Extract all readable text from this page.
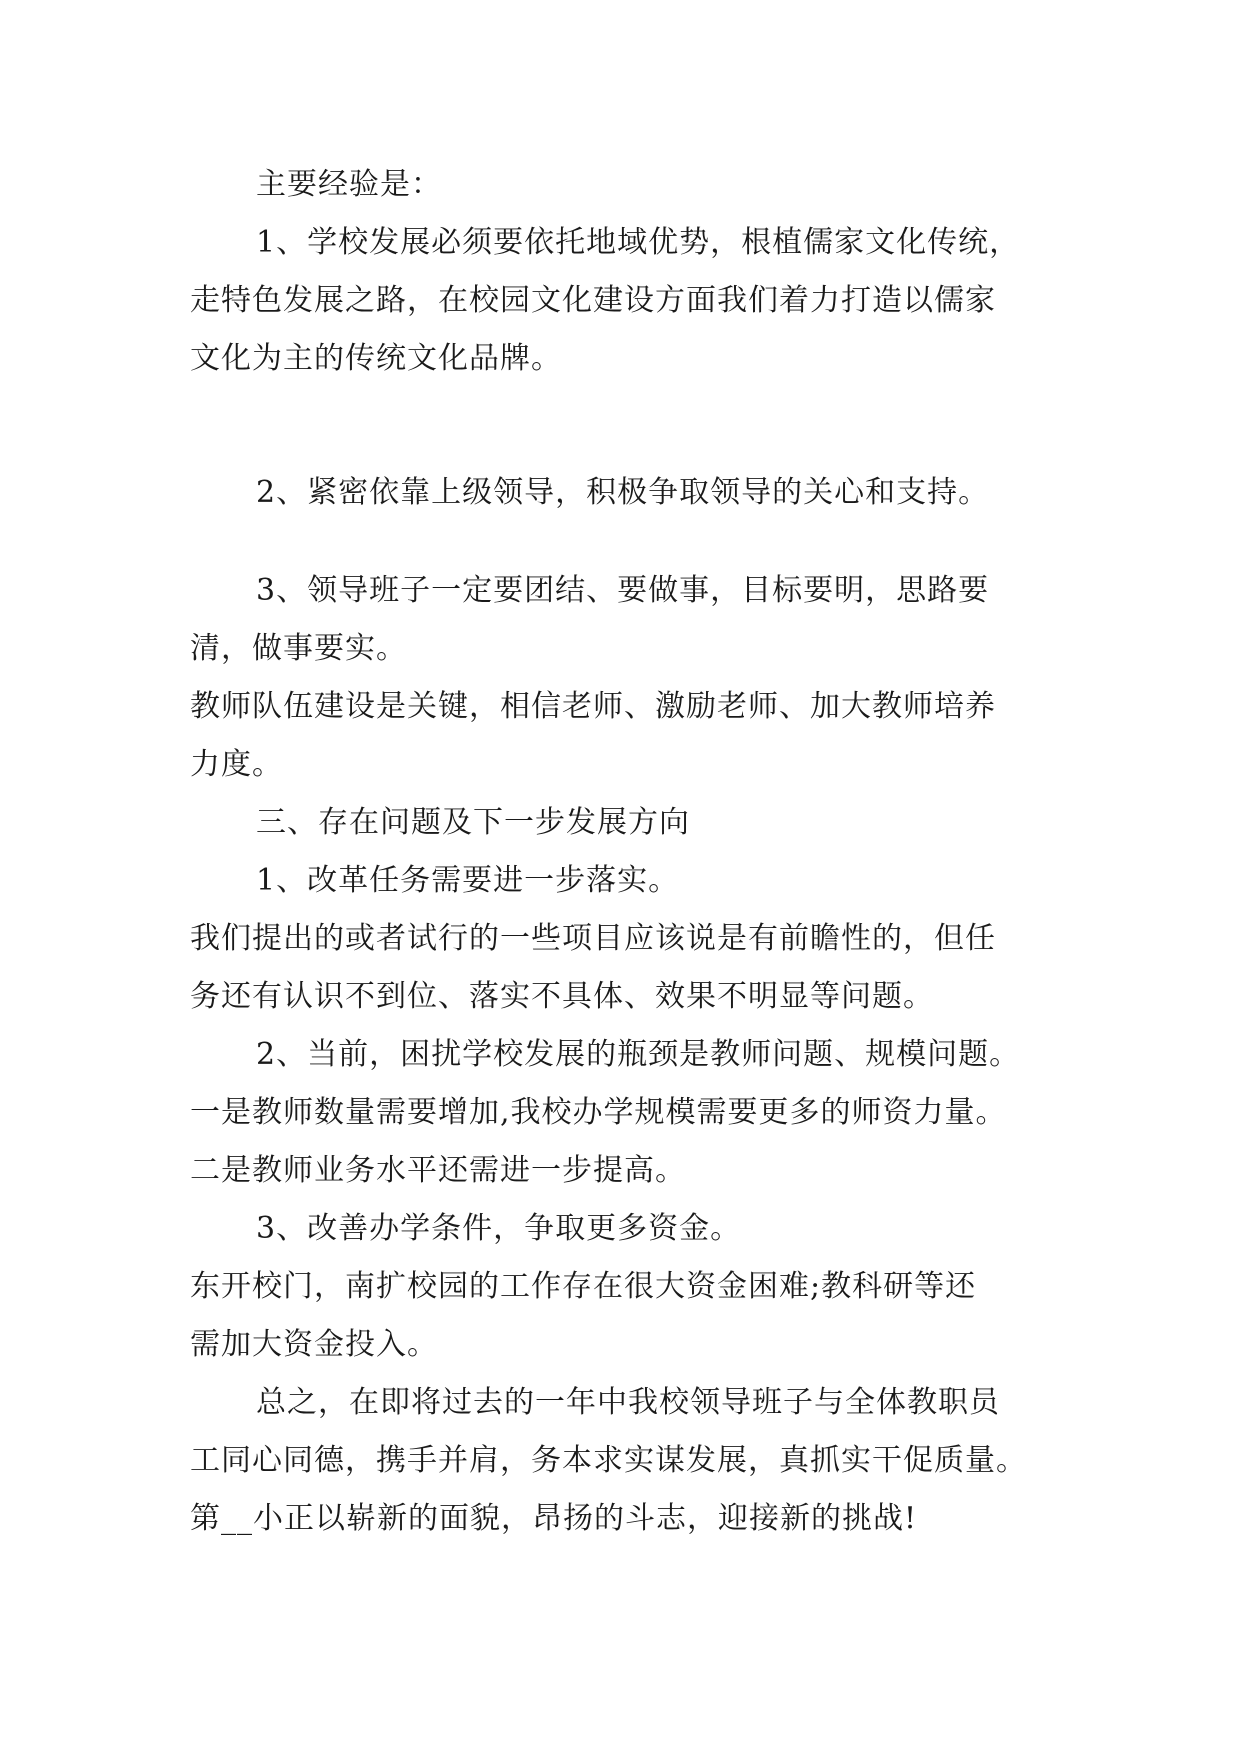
主要经验是：
1、学校发展必须要依托地域优势，根植儒家文化传统，
走特色发展之路，在校园文化建设方面我们着力打造以儒家
文化为主的传统文化品牌。
2、紧密依靠上级领导，积极争取领导的关心和支持。
3、领导班子一定要团结、要做事，目标要明，思路要
清，做事要实。
教师队伍建设是关键，相信老师、激励老师、加大教师培养
力度。
三、存在问题及下一步发展方向
1、改革任务需要进一步落实。
我们提出的或者试行的一些项目应该说是有前瞻性的，但任
务还有认识不到位、落实不具体、效果不明显等问题。
2、当前，困扰学校发展的瓶颈是教师问题、规模问题。
一是教师数量需要增加,我校办学规模需要更多的师资力量。
二是教师业务水平还需进一步提高。
3、改善办学条件，争取更多资金。
东开校门，南扩校园的工作存在很大资金困难;教科研等还
需加大资金投入。
总之，在即将过去的一年中我校领导班子与全体教职员
工同心同德，携手并肩，务本求实谋发展，真抓实干促质量。
第__小正以崭新的面貌，昂扬的斗志，迎接新的挑战!
